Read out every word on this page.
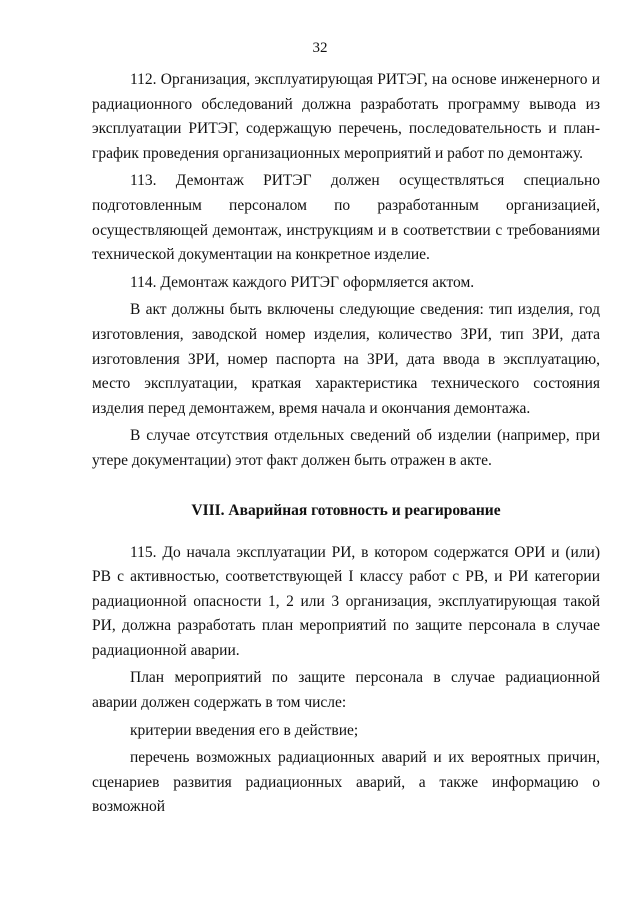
32

112. Организация, эксплуатирующая РИТЭГ, на основе инженерного и радиационного обследований должна разработать программу вывода из эксплуатации РИТЭГ, содержащую перечень, последовательность и план-график проведения организационных мероприятий и работ по демонтажу.

113. Демонтаж РИТЭГ должен осуществляться специально подготовленным персоналом по разработанным организацией, осуществляющей демонтаж, инструкциям и в соответствии с требованиями технической документации на конкретное изделие.

114. Демонтаж каждого РИТЭГ оформляется актом.

В акт должны быть включены следующие сведения: тип изделия, год изготовления, заводской номер изделия, количество ЗРИ, тип ЗРИ, дата изготовления ЗРИ, номер паспорта на ЗРИ, дата ввода в эксплуатацию, место эксплуатации, краткая характеристика технического состояния изделия перед демонтажем, время начала и окончания демонтажа.

В случае отсутствия отдельных сведений об изделии (например, при утере документации) этот факт должен быть отражен в акте.

VIII. Аварийная готовность и реагирование

115. До начала эксплуатации РИ, в котором содержатся ОРИ и (или) РВ с активностью, соответствующей I классу работ с РВ, и РИ категории радиационной опасности 1, 2 или 3 организация, эксплуатирующая такой РИ, должна разработать план мероприятий по защите персонала в случае радиационной аварии.

План мероприятий по защите персонала в случае радиационной аварии должен содержать в том числе:

критерии введения его в действие;

перечень возможных радиационных аварий и их вероятных причин, сценариев развития радиационных аварий, а также информацию о возможной
